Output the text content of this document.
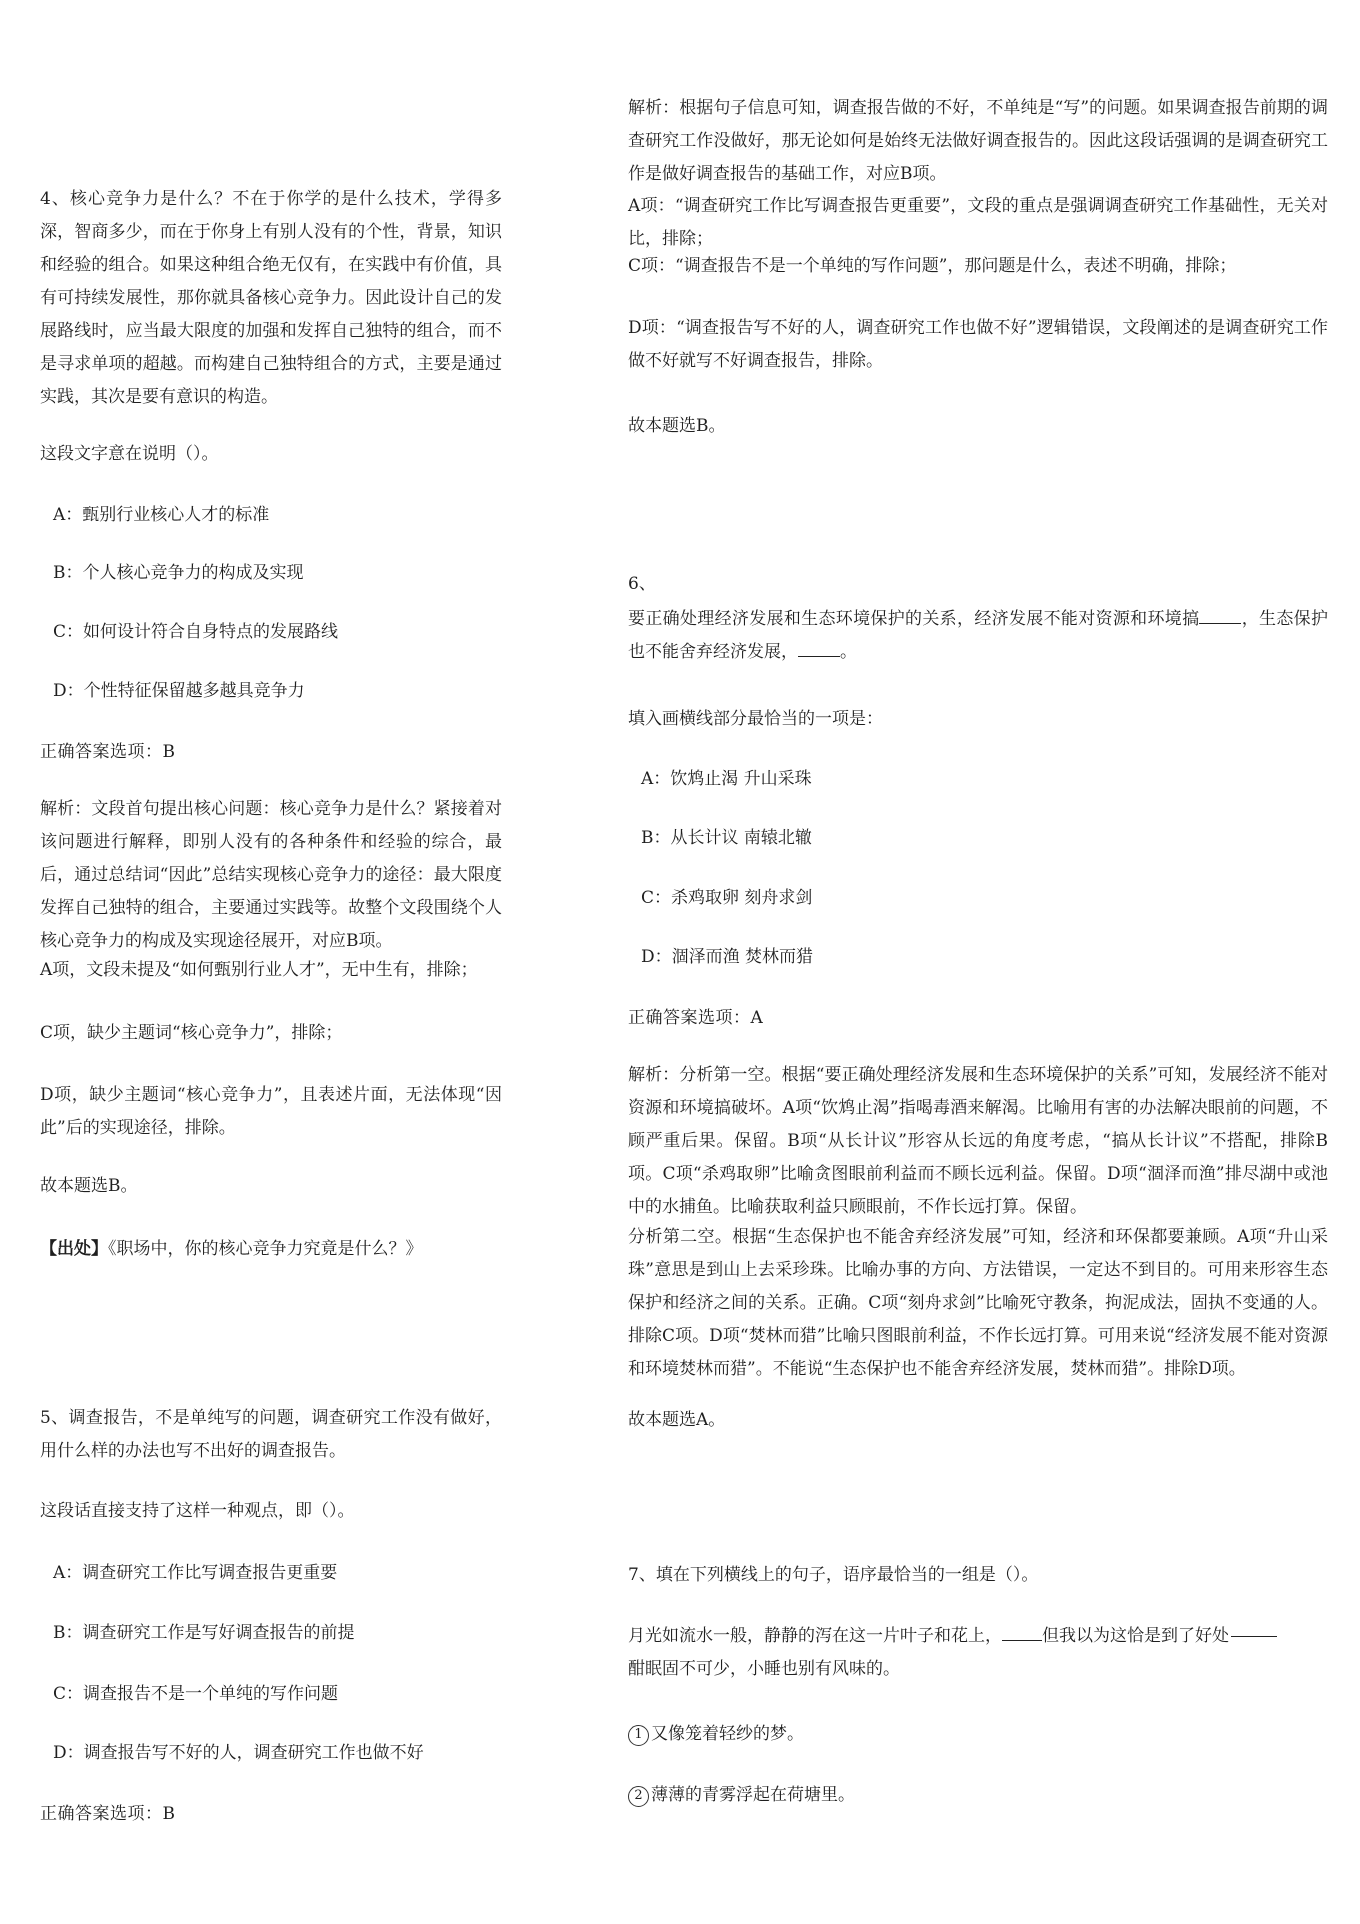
4、核心竞争力是什么？不在于你学的是什么技术，学得多深，智商多少，而在于你身上有别人没有的个性，背景，知识和经验的组合。如果这种组合绝无仅有，在实践中有价值，具有可持续发展性，那你就具备核心竞争力。因此设计自己的发展路线时，应当最大限度的加强和发挥自己独特的组合，而不是寻求单项的超越。而构建自己独特组合的方式，主要是通过实践，其次是要有意识的构造。

这段文字意在说明（）。

A：甄别行业核心人才的标准

B：个人核心竞争力的构成及实现

C：如何设计符合自身特点的发展路线

D：个性特征保留越多越具竞争力

正确答案选项：B

解析：文段首句提出核心问题：核心竞争力是什么？紧接着对该问题进行解释，即别人没有的各种条件和经验的综合，最后，通过总结词“因此”总结实现核心竞争力的途径：最大限度发挥自己独特的组合，主要通过实践等。故整个文段围绕个人核心竞争力的构成及实现途径展开，对应B项。

A项，文段未提及“如何甄别行业人才”，无中生有，排除；

C项，缺少主题词“核心竞争力”，排除；

D项，缺少主题词“核心竞争力”，且表述片面，无法体现“因此”后的实现途径，排除。

故本题选B。

【出处】《职场中，你的核心竞争力究竟是什么？》

5、调查报告，不是单纯写的问题，调查研究工作没有做好，用什么样的办法也写不出好的调查报告。

这段话直接支持了这样一种观点，即（）。

A：调查研究工作比写调查报告更重要

B：调查研究工作是写好调查报告的前提

C：调查报告不是一个单纯的写作问题

D：调查报告写不好的人，调查研究工作也做不好

正确答案选项：B

解析：根据句子信息可知，调查报告做的不好，不单纯是“写”的问题。如果调查报告前期的调查研究工作没做好，那无论如何是始终无法做好调查报告的。因此这段话强调的是调查研究工作是做好调查报告的基础工作，对应B项。

A项：“调查研究工作比写调查报告更重要”，文段的重点是强调调查研究工作基础性，无关对比，排除；

C项：“调查报告不是一个单纯的写作问题”，那问题是什么，表述不明确，排除；

D项：“调查报告写不好的人，调查研究工作也做不好”逻辑错误，文段阐述的是调查研究工作做不好就写不好调查报告，排除。

故本题选B。

6、

要正确处理经济发展和生态环境保护的关系，经济发展不能对资源和环境搞 ，生态保护也不能舍弃经济发展， 。

填入画横线部分最恰当的一项是：

A：饮鸩止渴 升山采珠

B：从长计议 南辕北辙

C：杀鸡取卵 刻舟求剑

D：涸泽而渔 焚林而猎

正确答案选项：A

解析：分析第一空。根据“要正确处理经济发展和生态环境保护的关系”可知，发展经济不能对资源和环境搞破坏。A项“饮鸩止渴”指喝毒酒来解渴。比喻用有害的办法解决眼前的问题，不顾严重后果。保留。B项“从长计议”形容从长远的角度考虑，“搞从长计议”不搭配，排除B项。C项“杀鸡取卵”比喻贪图眼前利益而不顾长远利益。保留。D项“涸泽而渔”排尽湖中或池中的水捕鱼。比喻获取利益只顾眼前，不作长远打算。保留。

分析第二空。根据“生态保护也不能舍弃经济发展”可知，经济和环保都要兼顾。A项“升山采珠”意思是到山上去采珍珠。比喻办事的方向、方法错误，一定达不到目的。可用来形容生态保护和经济之间的关系。正确。C项“刻舟求剑”比喻死守教条，拘泥成法，固执不变通的人。排除C项。D项“焚林而猎”比喻只图眼前利益，不作长远打算。可用来说“经济发展不能对资源和环境焚林而猎”。不能说“生态保护也不能舍弃经济发展，焚林而猎”。排除D项。

故本题选A。

7、填在下列横线上的句子，语序最恰当的一组是（）。

月光如流水一般，静静的泻在这一片叶子和花上， 但我以为这恰是到了好处
酣眠固不可少，小睡也别有风味的。

1 又像笼着轻纱的梦。

2 薄薄的青雾浮起在荷塘里。
